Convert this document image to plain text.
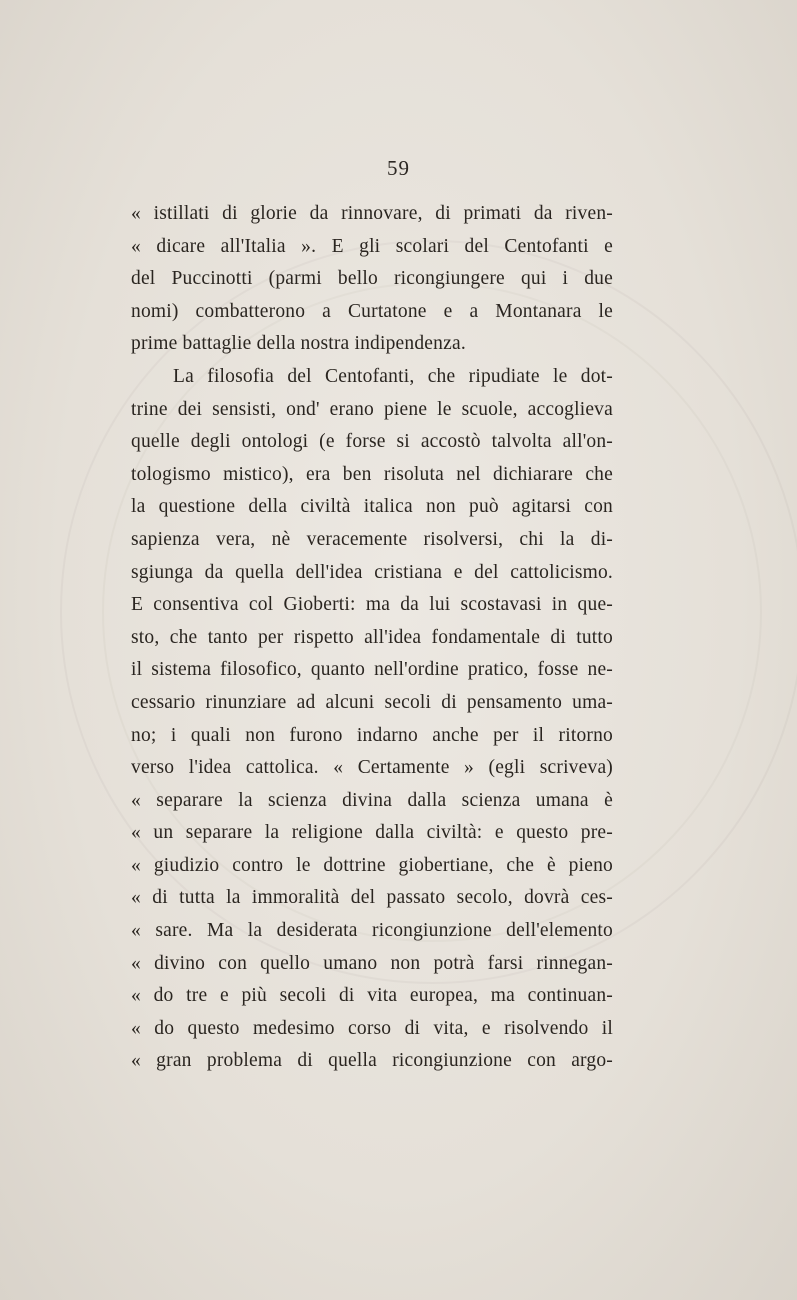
59
« istillati di glorie da rinnovare, di primati da riven-
« dicare all'Italia ». E gli scolari del Centofanti e
del Puccinotti (parmi bello ricongiungere qui i due
nomi) combatterono a Curtatone e a Montanara le
prime battaglie della nostra indipendenza.
La filosofia del Centofanti, che ripudiate le dot-
trine dei sensisti, ond' erano piene le scuole, accoglieva
quelle degli ontologi (e forse si accostò talvolta all'on-
tologismo mistico), era ben risoluta nel dichiarare che
la questione della civiltà italica non può agitarsi con
sapienza vera, nè veracemente risolversi, chi la di-
sgiunga da quella dell'idea cristiana e del cattolicismo.
E consentiva col Gioberti: ma da lui scostavasi in que-
sto, che tanto per rispetto all'idea fondamentale di tutto
il sistema filosofico, quanto nell'ordine pratico, fosse ne-
cessario rinunziare ad alcuni secoli di pensamento uma-
no; i quali non furono indarno anche per il ritorno
verso l'idea cattolica. « Certamente » (egli scriveva)
« separare la scienza divina dalla scienza umana è
« un separare la religione dalla civiltà: e questo pre-
« giudizio contro le dottrine giobertiane, che è pieno
« di tutta la immoralità del passato secolo, dovrà ces-
« sare. Ma la desiderata ricongiunzione dell'elemento
« divino con quello umano non potrà farsi rinnegan-
« do tre e più secoli di vita europea, ma continuan-
« do questo medesimo corso di vita, e risolvendo il
« gran problema di quella ricongiunzione con argo-
